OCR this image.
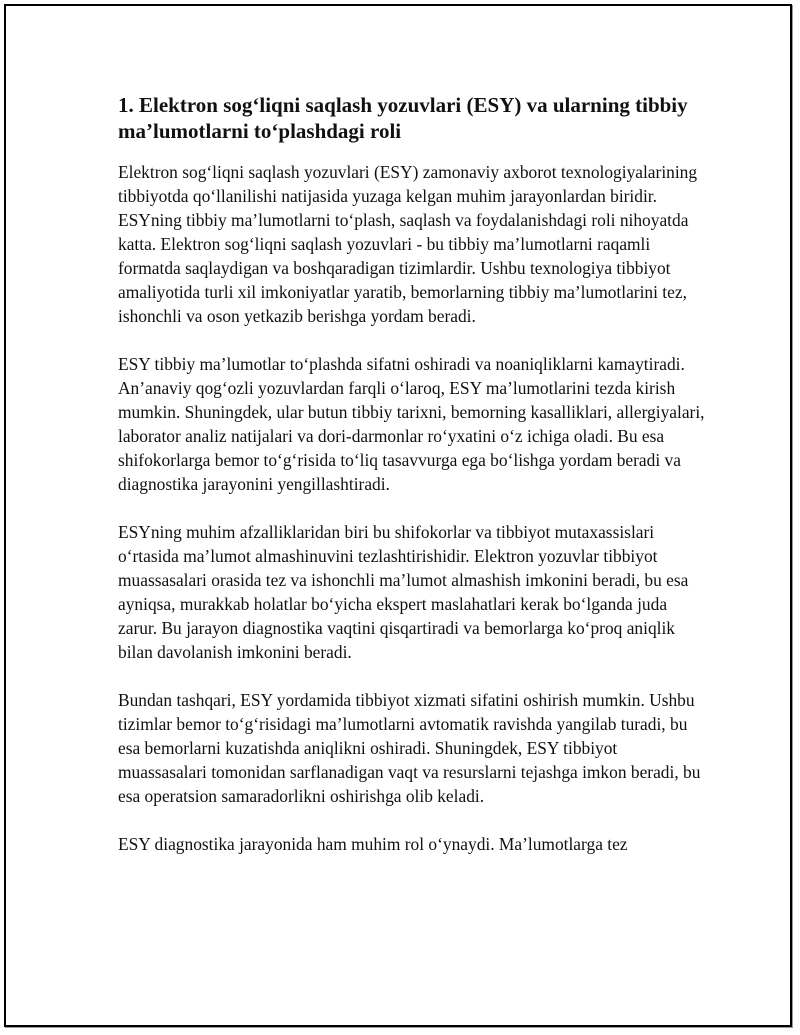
1. Elektron sog‘liqni saqlash yozuvlari (ESY) va ularning tibbiy ma’lumotlarni to‘plashdagi roli

Elektron sog‘liqni saqlash yozuvlari (ESY) zamonaviy axborot texnologiyalarining tibbiyotda qo‘llanilishi natijasida yuzaga kelgan muhim jarayonlardan biridir. ESYning tibbiy ma’lumotlarni to‘plash, saqlash va foydalanishdagi roli nihoyatda katta. Elektron sog‘liqni saqlash yozuvlari - bu tibbiy ma’lumotlarni raqamli formatda saqlaydigan va boshqaradigan tizimlardir. Ushbu texnologiya tibbiyot amaliyotida turli xil imkoniyatlar yaratib, bemorlarning tibbiy ma’lumotlarini tez, ishonchli va oson yetkazib berishga yordam beradi.

ESY tibbiy ma’lumotlar to‘plashda sifatni oshiradi va noaniqliklarni kamaytiradi. An’anaviy qog‘ozli yozuvlardan farqli o‘laroq, ESY ma’lumotlarini tezda kirish mumkin. Shuningdek, ular butun tibbiy tarixni, bemorning kasalliklari, allergiyalari, laborator analiz natijalari va dori-darmonlar ro‘yxatini o‘z ichiga oladi. Bu esa shifokorlarga bemor to‘g‘risida to‘liq tasavvurga ega bo‘lishga yordam beradi va diagnostika jarayonini yengillashtiradi.

ESYning muhim afzalliklaridan biri bu shifokorlar va tibbiyot mutaxassislari o‘rtasida ma’lumot almashinuvini tezlashtirishidir. Elektron yozuvlar tibbiyot muassasalari orasida tez va ishonchli ma’lumot almashish imkonini beradi, bu esa ayniqsa, murakkab holatlar bo‘yicha ekspert maslahatlari kerak bo‘lganda juda zarur. Bu jarayon diagnostika vaqtini qisqartiradi va bemorlarga ko‘proq aniqlik bilan davolanish imkonini beradi.

Bundan tashqari, ESY yordamida tibbiyot xizmati sifatini oshirish mumkin. Ushbu tizimlar bemor to‘g‘risidagi ma’lumotlarni avtomatik ravishda yangilab turadi, bu esa bemorlarni kuzatishda aniqlikni oshiradi. Shuningdek, ESY tibbiyot muassasalari tomonidan sarflanadigan vaqt va resurslarni tejashga imkon beradi, bu esa operatsion samaradorlikni oshirishga olib keladi.

ESY diagnostika jarayonida ham muhim rol o‘ynaydi. Ma’lumotlarga tez
